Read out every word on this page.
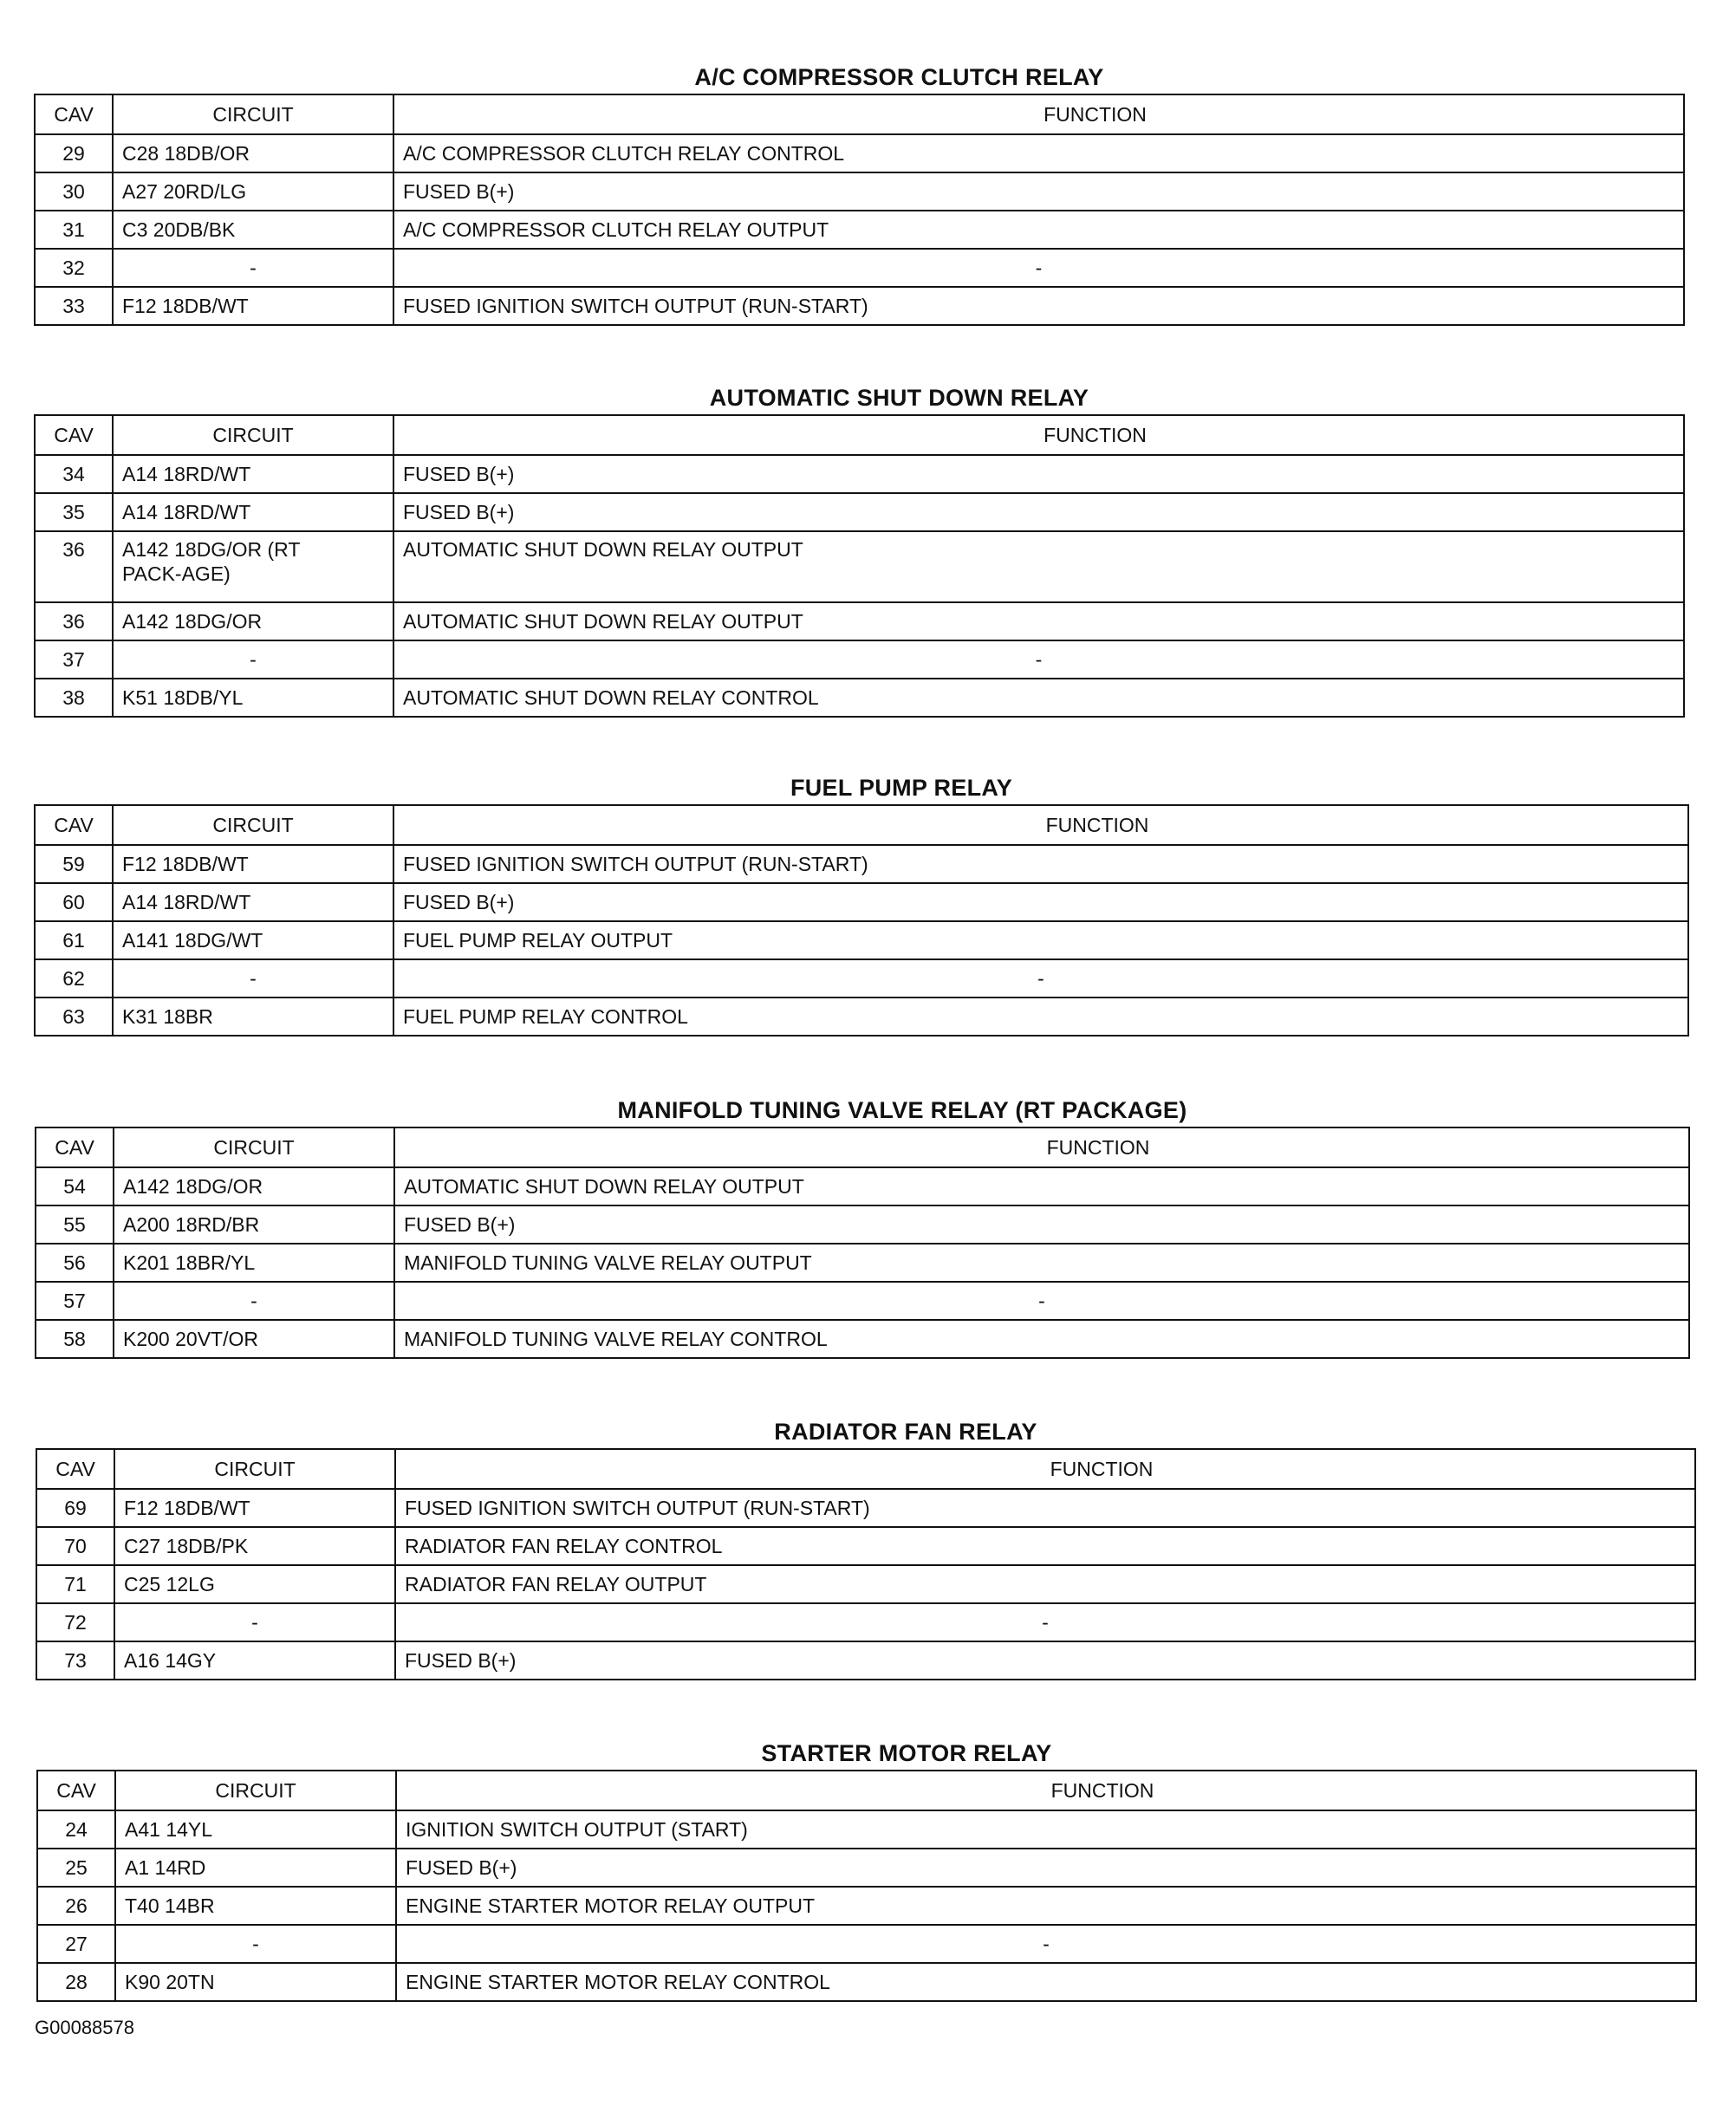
A/C COMPRESSOR CLUTCH RELAY
CAV	CIRCUIT	FUNCTION
29	C28 18DB/OR	A/C COMPRESSOR CLUTCH RELAY CONTROL
30	A27 20RD/LG	FUSED B(+)
31	C3 20DB/BK	A/C COMPRESSOR CLUTCH RELAY OUTPUT
32	-	-
33	F12 18DB/WT	FUSED IGNITION SWITCH OUTPUT (RUN-START)
AUTOMATIC SHUT DOWN RELAY
CAV	CIRCUIT	FUNCTION
34	A14 18RD/WT	FUSED B(+)
35	A14 18RD/WT	FUSED B(+)
36	A142 18DG/OR (RT PACK-AGE)	AUTOMATIC SHUT DOWN RELAY OUTPUT
36	A142 18DG/OR	AUTOMATIC SHUT DOWN RELAY OUTPUT
37	-	-
38	K51 18DB/YL	AUTOMATIC SHUT DOWN RELAY CONTROL
FUEL PUMP RELAY
CAV	CIRCUIT	FUNCTION
59	F12 18DB/WT	FUSED IGNITION SWITCH OUTPUT (RUN-START)
60	A14 18RD/WT	FUSED B(+)
61	A141 18DG/WT	FUEL PUMP RELAY OUTPUT
62	-	-
63	K31 18BR	FUEL PUMP RELAY CONTROL
MANIFOLD TUNING VALVE RELAY (RT PACKAGE)
CAV	CIRCUIT	FUNCTION
54	A142 18DG/OR	AUTOMATIC SHUT DOWN RELAY OUTPUT
55	A200 18RD/BR	FUSED B(+)
56	K201 18BR/YL	MANIFOLD TUNING VALVE RELAY OUTPUT
57	-	-
58	K200 20VT/OR	MANIFOLD TUNING VALVE RELAY CONTROL
RADIATOR FAN RELAY
CAV	CIRCUIT	FUNCTION
69	F12 18DB/WT	FUSED IGNITION SWITCH OUTPUT (RUN-START)
70	C27 18DB/PK	RADIATOR FAN RELAY CONTROL
71	C25 12LG	RADIATOR FAN RELAY OUTPUT
72	-	-
73	A16 14GY	FUSED B(+)
STARTER MOTOR RELAY
CAV	CIRCUIT	FUNCTION
24	A41 14YL	IGNITION SWITCH OUTPUT (START)
25	A1 14RD	FUSED B(+)
26	T40 14BR	ENGINE STARTER MOTOR RELAY OUTPUT
27	-	-
28	K90 20TN	ENGINE STARTER MOTOR RELAY CONTROL
G00088578
